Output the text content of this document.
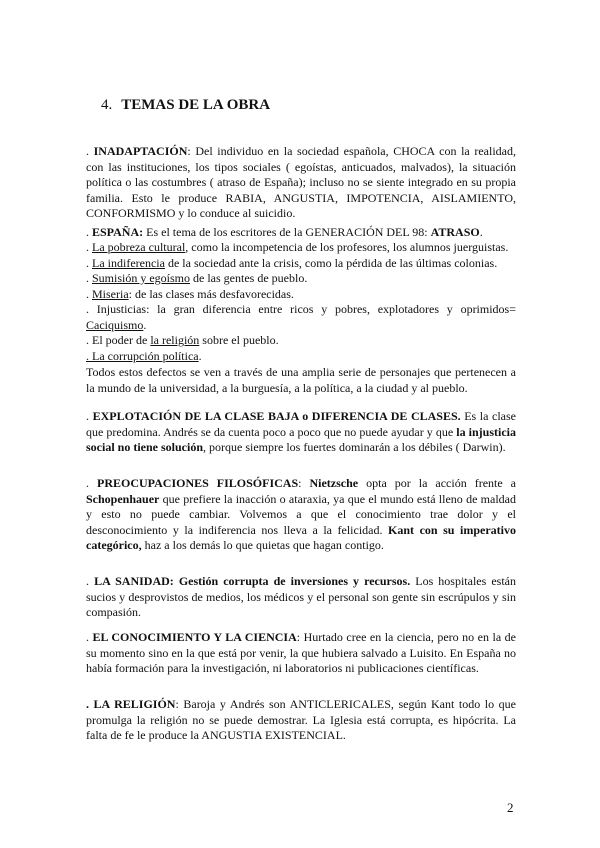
4. TEMAS DE LA OBRA

. INADAPTACIÓN: Del individuo en la sociedad española, CHOCA con la realidad, con las instituciones, los tipos sociales ( egoístas, anticuados, malvados), la situación política o las costumbres ( atraso de España); incluso no se siente integrado en su propia familia. Esto le produce RABIA, ANGUSTIA, IMPOTENCIA, AISLAMIENTO, CONFORMISMO y lo conduce al suicidio.

. ESPAÑA: Es el tema de los escritores de la GENERACIÓN DEL 98: ATRASO.

. La pobreza cultural, como la incompetencia de los profesores, los alumnos juerguistas.
. La indiferencia de la sociedad ante la crisis, como la pérdida de las últimas colonias.
. Sumisión y egoísmo de las gentes de pueblo.
. Miseria: de las clases más desfavorecidas.
. Injusticias: la gran diferencia entre ricos y pobres, explotadores y oprimidos= Caciquismo.
. El poder de la religión sobre el pueblo.
. La corrupción política.

Todos estos defectos se ven a través de una amplia serie de personajes que pertenecen a la mundo de la universidad, a la burguesía, a la política, a la ciudad y al pueblo.

. EXPLOTACIÓN DE LA CLASE BAJA o DIFERENCIA DE CLASES. Es la clase que predomina. Andrés se da cuenta poco a poco que no puede ayudar y que la injusticia social no tiene solución, porque siempre los fuertes dominarán a los débiles ( Darwin).

. PREOCUPACIONES FILOSÓFICAS: Nietzsche opta por la acción frente a Schopenhauer que prefiere la inacción o ataraxia, ya que el mundo está lleno de maldad y esto no puede cambiar. Volvemos a que el conocimiento trae dolor y el desconocimiento y la indiferencia nos lleva a la felicidad. Kant con su imperativo categórico, haz a los demás lo que quietas que hagan contigo.

. LA SANIDAD: Gestión corrupta de inversiones y recursos. Los hospitales están sucios y desprovistos de medios, los médicos y el personal son gente sin escrúpulos y sin compasión.

. EL CONOCIMIENTO Y LA CIENCIA: Hurtado cree en la ciencia, pero no en la de su momento sino en la que está por venir, la que hubiera salvado a Luisito. En España no había formación para la investigación, ni laboratorios ni publicaciones científicas.

. LA RELIGIÓN: Baroja y Andrés son ANTICLERICALES, según Kant todo lo que promulga la religión no se puede demostrar. La Iglesia está corrupta, es hipócrita. La falta de fe le produce la ANGUSTIA EXISTENCIAL.

2
